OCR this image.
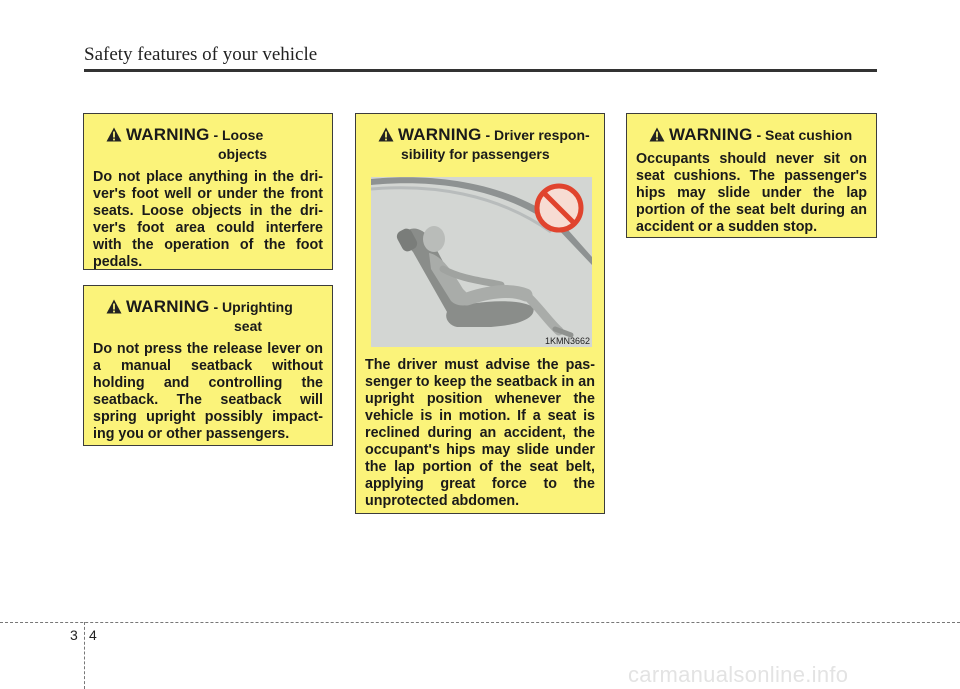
Safety features of your vehicle
WARNING - Loose
objects
Do not place anything in the dri-ver's foot well or under the front seats. Loose objects in the dri-ver's foot area could interfere with the operation of the foot pedals.
WARNING - Uprighting
seat
Do not press the release lever on a manual seatback without holding and controlling the seatback. The seatback will spring upright possibly impact-ing you or other passengers.
WARNING - Driver respon-
sibility for passengers
1KMN3662
The driver must advise the pas-senger to keep the seatback in an upright position whenever the vehicle is in motion. If a seat is reclined during an accident, the occupant's hips may slide under the lap portion of the seat belt, applying great force to the unprotected abdomen.
WARNING - Seat cushion
Occupants should never sit on seat cushions. The passenger's hips may slide under the lap portion of the seat belt during an accident or a sudden stop.
3 4
carmanualsonline.info
